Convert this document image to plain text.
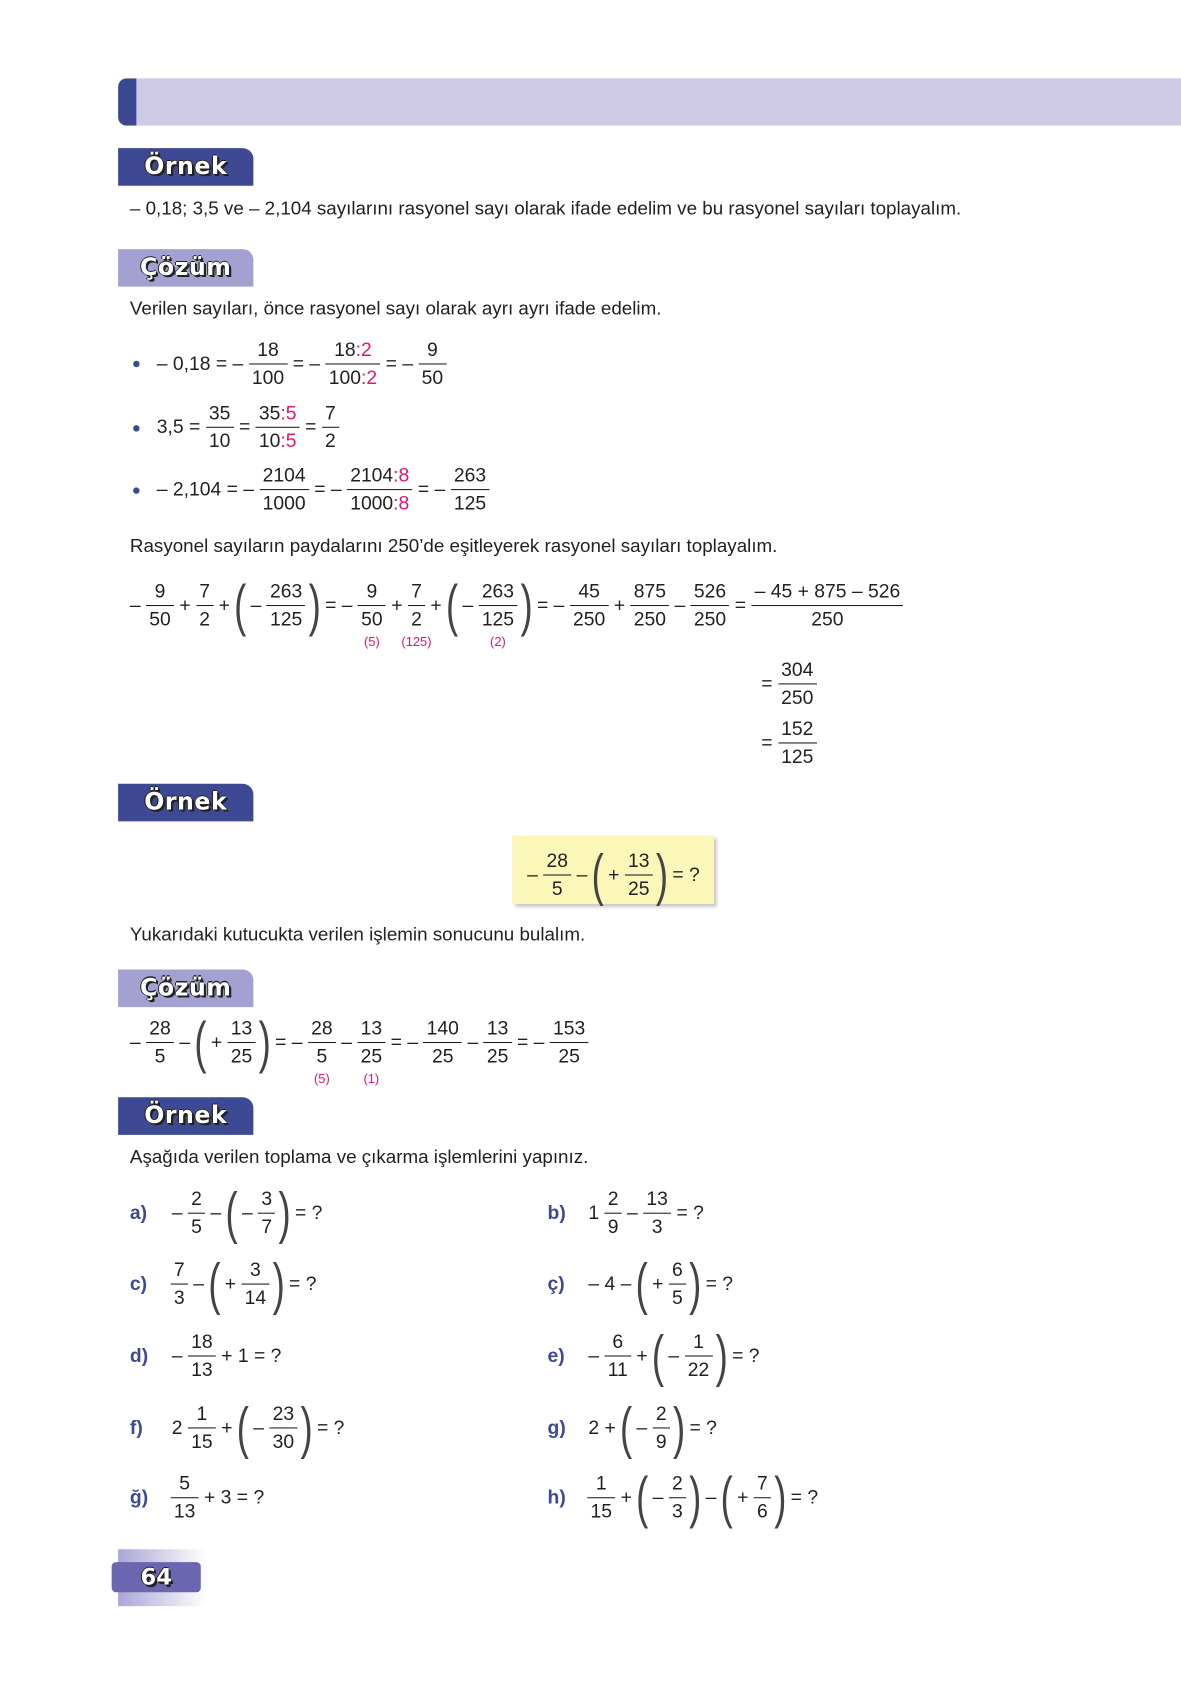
Örnek
– 0,18; 3,5 ve – 2,104 sayılarını rasyonel sayı olarak ifade edelim ve bu rasyonel sayıları toplayalım.
Çözüm
Verilen sayıları, önce rasyonel sayı olarak ayrı ayrı ifade edelim.
– 0,18 = – $\frac{18}{100}$ = – $\frac{18:2}{100:2}$ = – $\frac{9}{50}$
$3,5 = \frac{35}{10} = \frac{35:5}{10:5} = \frac{7}{2}$
– 2,104 = – $\frac{2104}{1000}$ = – $\frac{2104:8}{1000:8}$ = – $\frac{263}{125}$
Rasyonel sayıların paydalarını 250’de eşitleyerek rasyonel sayıları toplayalım.
– $\frac{9}{50} + \frac{7}{2}$ + ( – $\frac{263}{125}$ ) = –
9
50
(5)
+
7
2
(125)
+ ( –
263
125
(2)
) = – $\frac{45}{250} + \frac{875}{250} - \frac{526}{250} = \frac{- 45 + 875 - 526}{250}$
= $\frac{304}{250}$
= $\frac{152}{125}$
Örnek
– $\frac{28}{5}$ – ( + $\frac{13}{25}$ ) = ?
Yukarıdaki kutucukta verilen işlemin sonucunu bulalım.
Çözüm
– $\frac{28}{5}$ – ( + $\frac{13}{25}$ ) = –
28
5
(5)
–
13
25
(1)
= – $\frac{140}{25} - \frac{13}{25}$ = – $\frac{153}{25}$
Örnek
Aşağıda verilen toplama ve çıkarma işlemlerini yapınız.
$a) - \frac{2}{5}$ – ( – $\frac{3}{7}$ ) = ?	b) $1 \frac{2}{9} - \frac{13}{3}$ = ?
$c) \frac{7}{3}$ – ( + $\frac{3}{14}$ ) = ?	ç) – 4 – ( + $\frac{6}{5}$ ) = ?
$d) - \frac{18}{13} + 1$ = ?	$e) - \frac{6}{11}$ + ( – $\frac{1}{22}$ ) = ?
f) $2 \frac{1}{15}$ + ( – $\frac{23}{30}$ ) = ?	g) 2 + ( – $\frac{2}{9}$ ) = ?
ğ) $\frac{5}{13} + 3$ = ?	$h) \frac{1}{15}$ + ( – $\frac{2}{3}$ ) – ( + $\frac{7}{6}$ ) = ?
64
